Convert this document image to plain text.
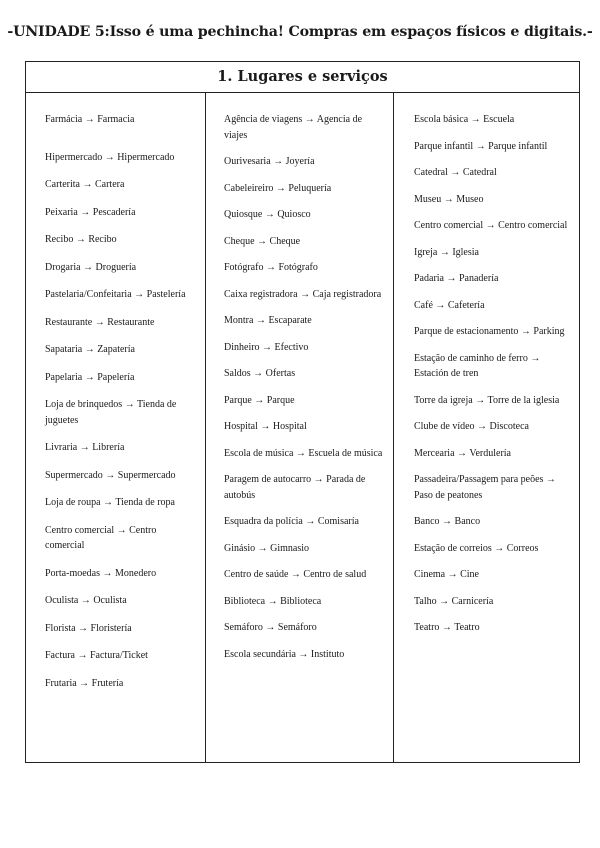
-UNIDADE 5:Isso é uma pechincha! Compras em espaços físicos e digitais.-
1. Lugares e serviços
Farmácia → Farmacia
Hipermercado → Hipermercado
Carterita → Cartera
Peixaria → Pescadería
Recibo → Recibo
Drogaria → Droguería
Pastelaria/Confeitaria → Pastelería
Restaurante → Restaurante
Sapataria → Zapatería
Papelaria → Papelería
Loja de brinquedos → Tienda de juguetes
Livraria → Librería
Supermercado → Supermercado
Loja de roupa → Tienda de ropa
Centro comercial → Centro comercial
Porta-moedas → Monedero
Oculista → Oculista
Florista → Floristería
Factura → Factura/Ticket
Frutaria → Frutería
Agência de viagens → Agencia de viajes
Ourivesaria → Joyería
Cabeleireiro → Peluquería
Quiosque → Quiosco
Cheque → Cheque
Fotógrafo → Fotógrafo
Caixa registradora → Caja registradora
Montra → Escaparate
Dinheiro → Efectivo
Saldos → Ofertas
Parque → Parque
Hospital → Hospital
Escola de música → Escuela de música
Paragem de autocarro → Parada de autobús
Esquadra da polícia → Comisaría
Ginásio → Gimnasio
Centro de saúde → Centro de salud
Biblioteca → Biblioteca
Semáforo → Semáforo
Escola secundária → Instituto
Escola básica → Escuela
Parque infantil → Parque infantil
Catedral → Catedral
Museu → Museo
Centro comercial → Centro comercial
Igreja → Iglesia
Padaria → Panadería
Café → Cafetería
Parque de estacionamento → Parking
Estação de caminho de ferro → Estación de tren
Torre da igreja → Torre de la iglesia
Clube de vídeo → Discoteca
Mercearia → Verdulería
Passadeira/Passagem para peões → Paso de peatones
Banco → Banco
Estação de correios → Correos
Cinema → Cine
Talho → Carnicería
Teatro → Teatro
